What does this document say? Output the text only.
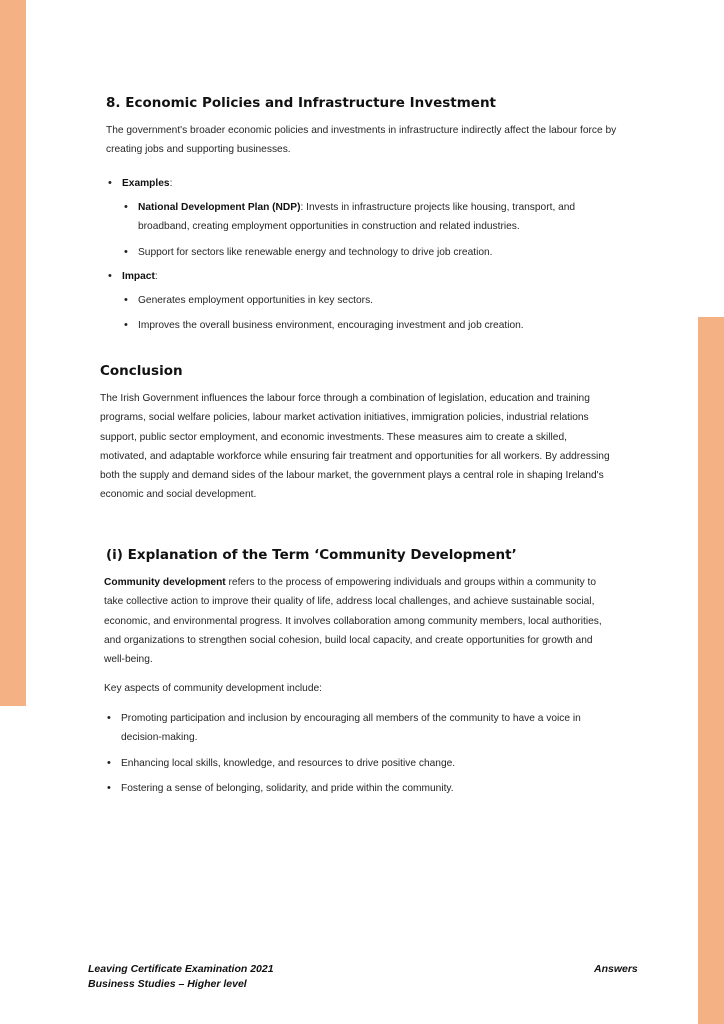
8. Economic Policies and Infrastructure Investment

The government's broader economic policies and investments in infrastructure indirectly affect the labour force by creating jobs and supporting businesses.

• Examples:
• National Development Plan (NDP): Invests in infrastructure projects like housing, transport, and broadband, creating employment opportunities in construction and related industries.
• Support for sectors like renewable energy and technology to drive job creation.
• Impact:
• Generates employment opportunities in key sectors.
• Improves the overall business environment, encouraging investment and job creation.
Conclusion

The Irish Government influences the labour force through a combination of legislation, education and training programs, social welfare policies, labour market activation initiatives, immigration policies, industrial relations support, public sector employment, and economic investments. These measures aim to create a skilled, motivated, and adaptable workforce while ensuring fair treatment and opportunities for all workers. By addressing both the supply and demand sides of the labour market, the government plays a central role in shaping Ireland's economic and social development.

(i) Explanation of the Term ‘Community Development’

Community development refers to the process of empowering individuals and groups within a community to take collective action to improve their quality of life, address local challenges, and achieve sustainable social, economic, and environmental progress. It involves collaboration among community members, local authorities, and organizations to strengthen social cohesion, build local capacity, and create opportunities for growth and well-being.

Key aspects of community development include:

• Promoting participation and inclusion by encouraging all members of the community to have a voice in decision-making.
• Enhancing local skills, knowledge, and resources to drive positive change.
• Fostering a sense of belonging, solidarity, and pride within the community.
Leaving Certificate Examination 2021
Business Studies – Higher level
Answers
